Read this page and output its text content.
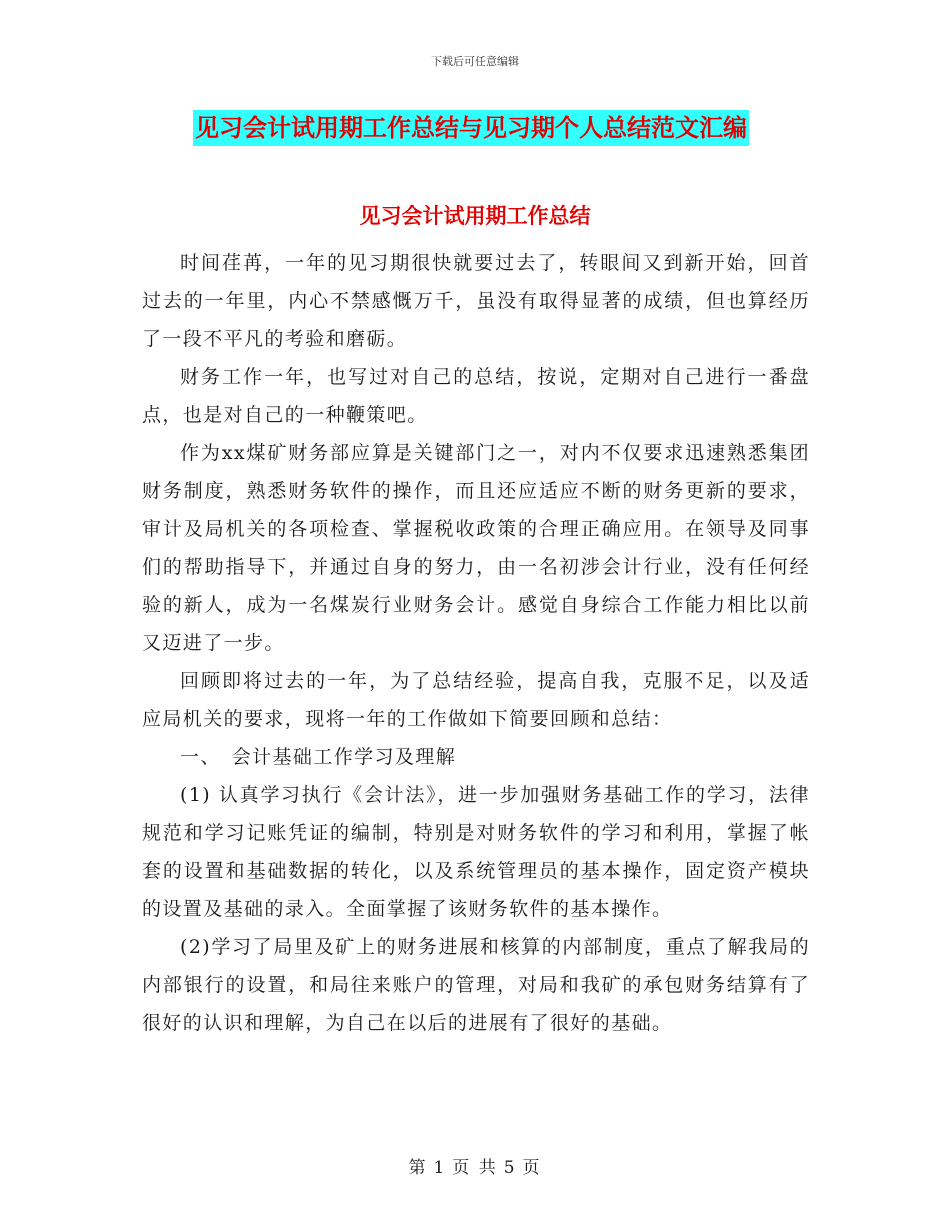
下载后可任意编辑
见习会计试用期工作总结与见习期个人总结范文汇编
见习会计试用期工作总结

时间荏苒，一年的见习期很快就要过去了，转眼间又到新开始，回首过去的一年里，内心不禁感慨万千，虽没有取得显著的成绩，但也算经历了一段不平凡的考验和磨砺。

财务工作一年，也写过对自己的总结，按说，定期对自己进行一番盘点，也是对自己的一种鞭策吧。

作为xx煤矿财务部应算是关键部门之一，对内不仅要求迅速熟悉集团财务制度，熟悉财务软件的操作，而且还应适应不断的财务更新的要求，审计及局机关的各项检查、掌握税收政策的合理正确应用。在领导及同事们的帮助指导下，并通过自身的努力，由一名初涉会计行业，没有任何经验的新人，成为一名煤炭行业财务会计。感觉自身综合工作能力相比以前又迈进了一步。

回顾即将过去的一年，为了总结经验，提高自我，克服不足，以及适应局机关的要求，现将一年的工作做如下简要回顾和总结：

一、　会计基础工作学习及理解

(1) 认真学习执行《会计法》，进一步加强财务基础工作的学习，法律规范和学习记账凭证的编制，特别是对财务软件的学习和利用，掌握了帐套的设置和基础数据的转化，以及系统管理员的基本操作，固定资产模块的设置及基础的录入。全面掌握了该财务软件的基本操作。

(2)学习了局里及矿上的财务进展和核算的内部制度，重点了解我局的内部银行的设置，和局往来账户的管理，对局和我矿的承包财务结算有了很好的认识和理解，为自己在以后的进展有了很好的基础。

第 1 页 共 5 页
